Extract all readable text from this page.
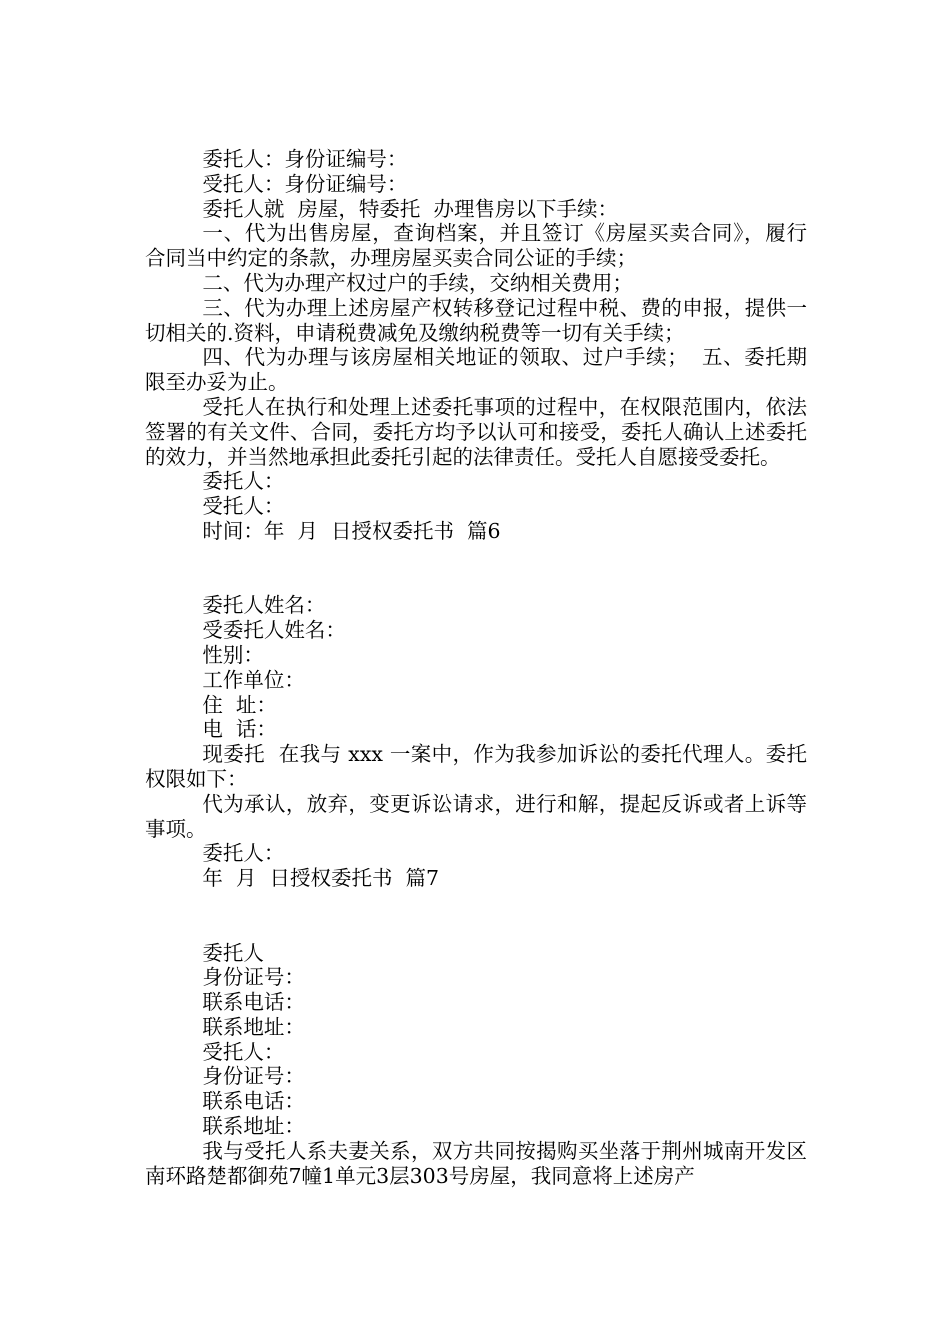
委托人：身份证编号：

受托人：身份证编号：

委托人就  房屋，特委托  办理售房以下手续：

一、代为出售房屋，查询档案，并且签订《房屋买卖合同》，履行合同当中约定的条款，办理房屋买卖合同公证的手续；

二、代为办理产权过户的手续，交纳相关费用；

三、代为办理上述房屋产权转移登记过程中税、费的申报，提供一切相关的.资料，申请税费减免及缴纳税费等一切有关手续；

四、代为办理与该房屋相关地证的领取、过户手续；  五、委托期限至办妥为止。

受托人在执行和处理上述委托事项的过程中，在权限范围内，依法签署的有关文件、合同，委托方均予以认可和接受，委托人确认上述委托的效力，并当然地承担此委托引起的法律责任。受托人自愿接受委托。

委托人：

受托人：

时间：年  月  日授权委托书  篇6

委托人姓名：

受委托人姓名：

性别：

工作单位：

住  址：

电  话：

现委托  在我与 xxx 一案中，作为我参加诉讼的委托代理人。委托权限如下：

代为承认，放弃，变更诉讼请求，进行和解，提起反诉或者上诉等事项。

委托人：

年  月  日授权委托书  篇7

委托人

身份证号：

联系电话：

联系地址：

受托人：

身份证号：

联系电话：

联系地址：

我与受托人系夫妻关系，双方共同按揭购买坐落于荆州城南开发区南环路楚都御苑7幢1单元3层303号房屋，我同意将上述房产
